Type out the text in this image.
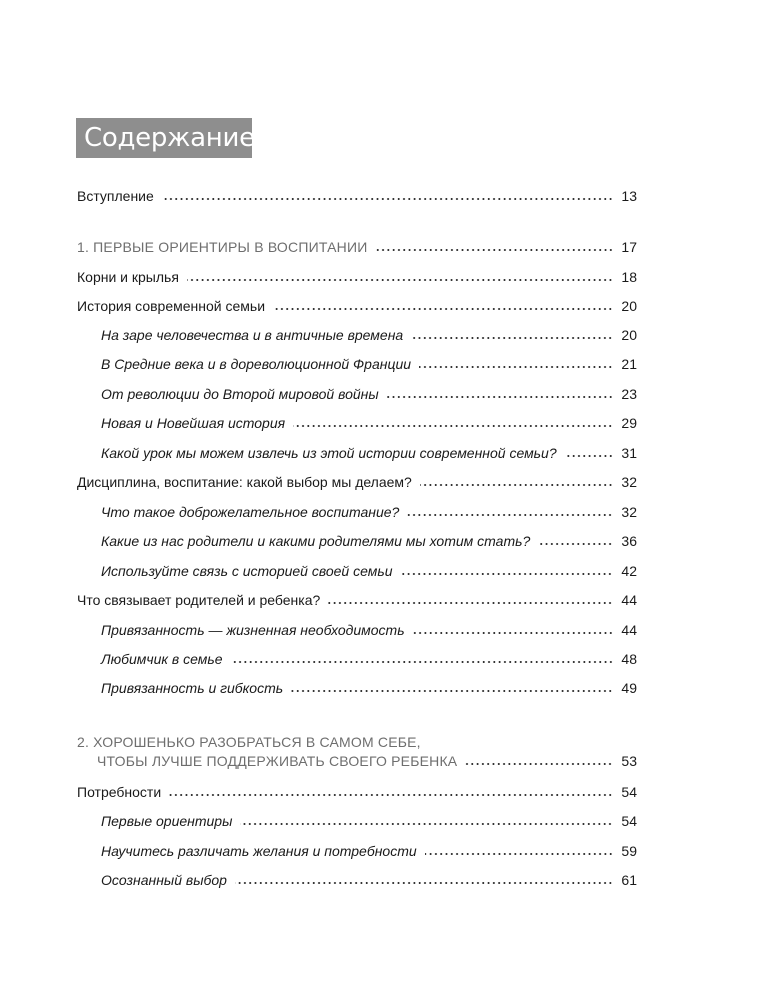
Содержание
Вступление	13
1. ПЕРВЫЕ ОРИЕНТИРЫ В ВОСПИТАНИИ	17
Корни и крылья	18
История современной семьи	20
На заре человечества и в античные времена	20
В Средние века и в дореволюционной Франции	21
От революции до Второй мировой войны	23
Новая и Новейшая история	29
Какой урок мы можем извлечь из этой истории современной семьи?	31
Дисциплина, воспитание: какой выбор мы делаем?	32
Что такое доброжелательное воспитание?	32
Какие из нас родители и какими родителями мы хотим стать?	36
Используйте связь с историей своей семьи	42
Что связывает родителей и ребенка?	44
Привязанность — жизненная необходимость	44
Любимчик в семье	48
Привязанность и гибкость	49
2. ХОРОШЕНЬКО РАЗОБРАТЬСЯ В САМОМ СЕБЕ,
ЧТОБЫ ЛУЧШЕ ПОДДЕРЖИВАТЬ СВОЕГО РЕБЕНКА	53
Потребности	54
Первые ориентиры	54
Научитесь различать желания и потребности	59
Осознанный выбор	61
